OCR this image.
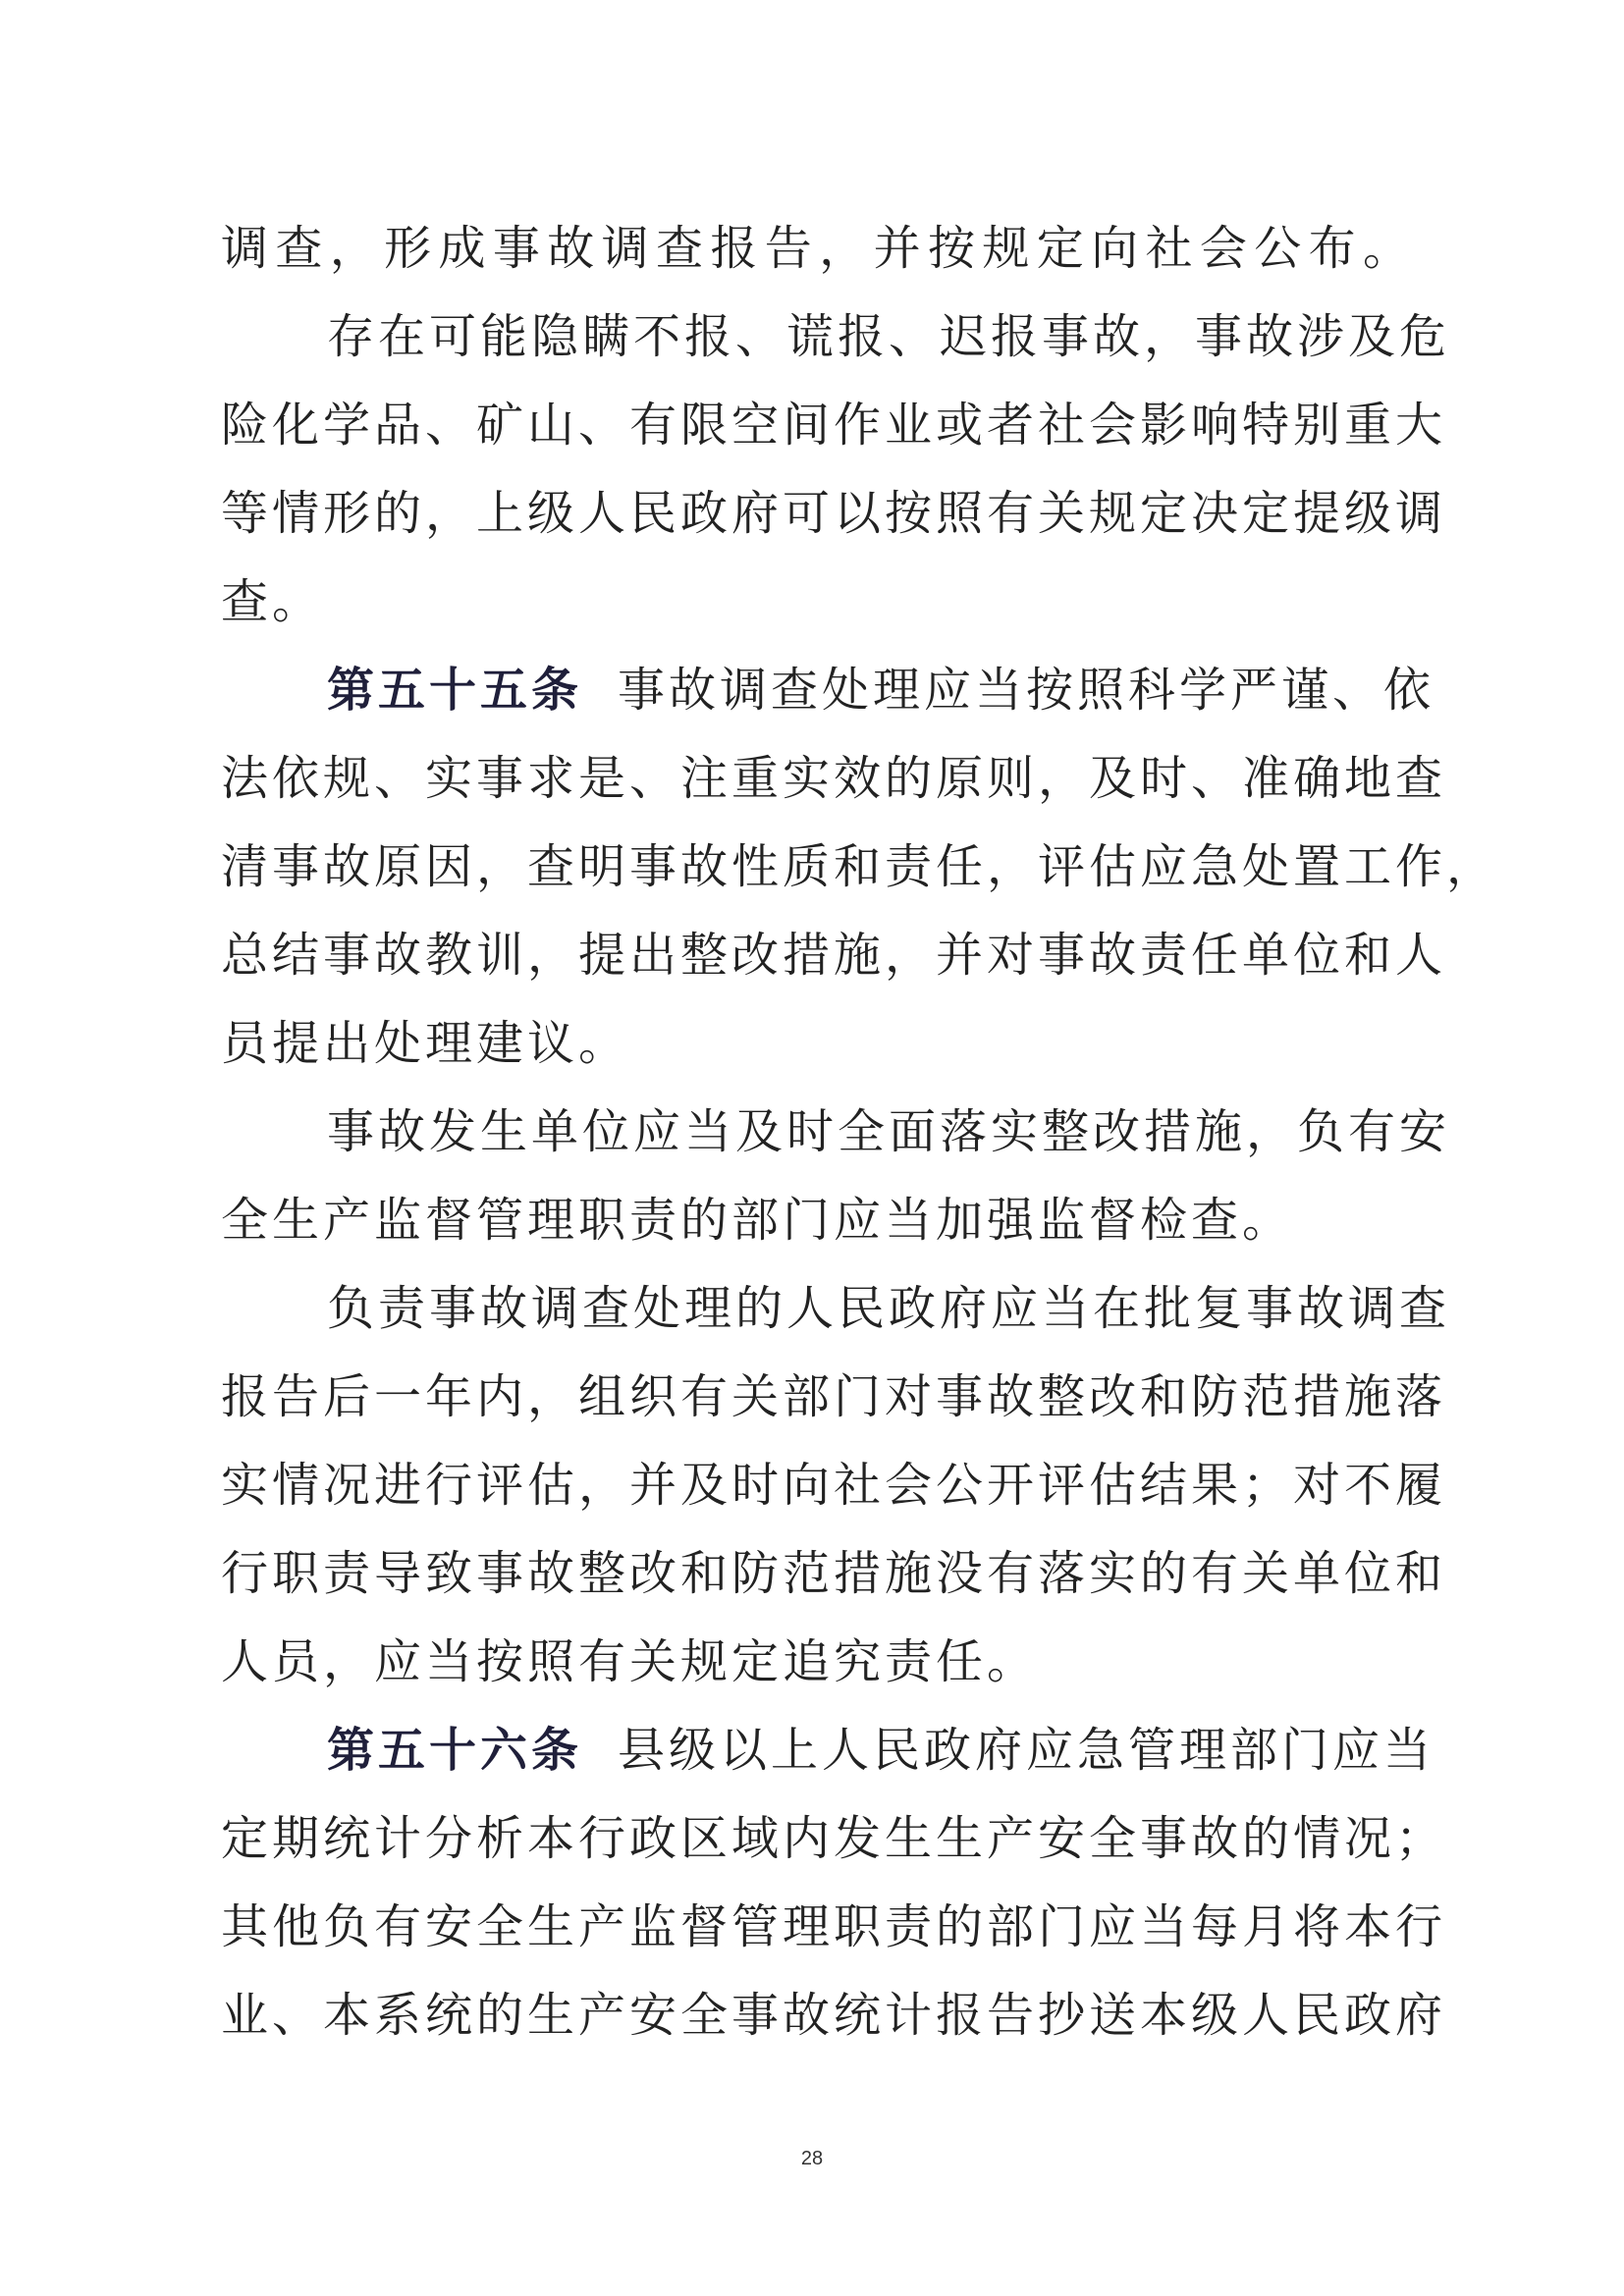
调查，形成事故调查报告，并按规定向社会公布。
存在可能隐瞒不报、谎报、迟报事故，事故涉及危
险化学品、矿山、有限空间作业或者社会影响特别重大
等情形的，上级人民政府可以按照有关规定决定提级调
查。
第五十五条 事故调查处理应当按照科学严谨、依
法依规、实事求是、注重实效的原则，及时、准确地查
清事故原因，查明事故性质和责任，评估应急处置工作，
总结事故教训，提出整改措施，并对事故责任单位和人
员提出处理建议。
事故发生单位应当及时全面落实整改措施，负有安
全生产监督管理职责的部门应当加强监督检查。
负责事故调查处理的人民政府应当在批复事故调查
报告后一年内，组织有关部门对事故整改和防范措施落
实情况进行评估，并及时向社会公开评估结果；对不履
行职责导致事故整改和防范措施没有落实的有关单位和
人员，应当按照有关规定追究责任。
第五十六条 县级以上人民政府应急管理部门应当
定期统计分析本行政区域内发生生产安全事故的情况；
其他负有安全生产监督管理职责的部门应当每月将本行
业、本系统的生产安全事故统计报告抄送本级人民政府
28
